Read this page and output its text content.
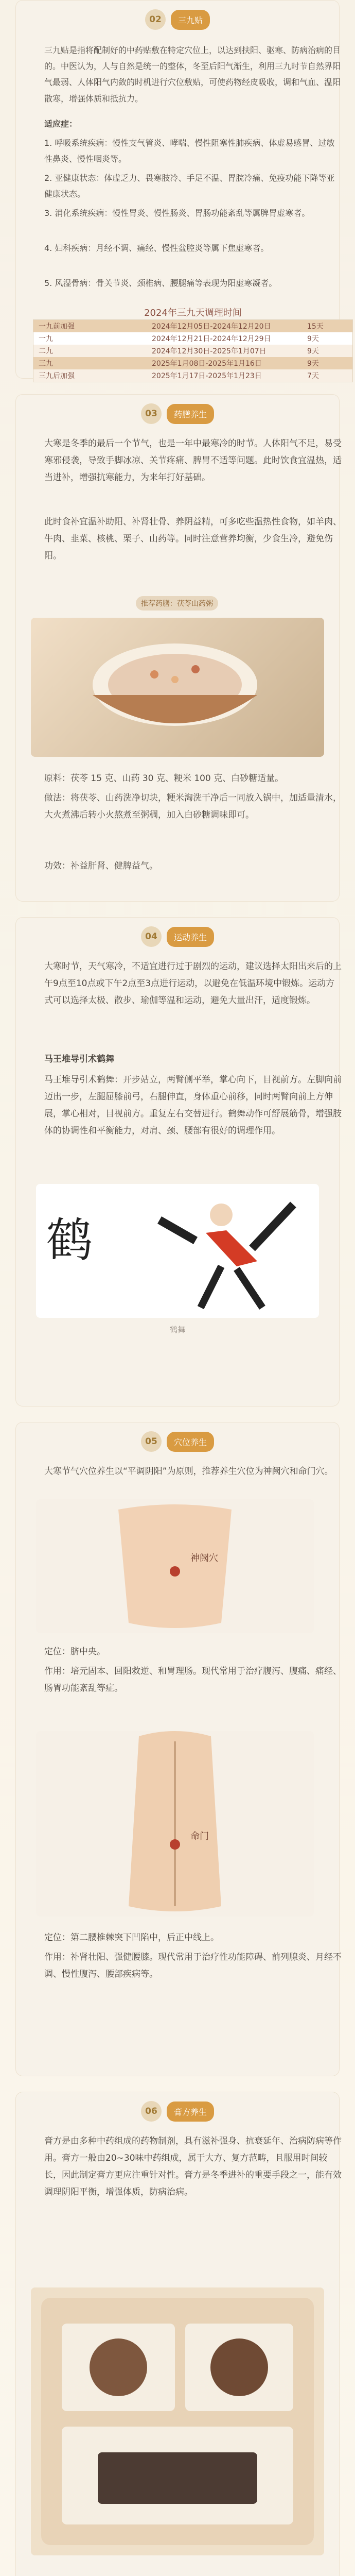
02	三九贴
三九贴是指将配制好的中药贴敷在特定穴位上，以达到扶阳、驱寒、防病治病的目的。中医认为，人与自然是统一的整体，冬至后阳气渐生，利用三九时节自然界阳气最弱、人体阳气内敛的时机进行穴位敷贴，可使药物经皮吸收，调和气血、温阳散寒，增强体质和抵抗力。
适应症：
1. 呼吸系统疾病：慢性支气管炎、哮喘、慢性阻塞性肺疾病、体虚易感冒、过敏性鼻炎、慢性咽炎等。
2. 亚健康状态：体虚乏力、畏寒肢冷、手足不温、胃脘冷痛、免疫功能下降等亚健康状态。
3. 消化系统疾病：慢性胃炎、慢性肠炎、胃肠功能紊乱等属脾胃虚寒者。
4. 妇科疾病：月经不调、痛经、慢性盆腔炎等属下焦虚寒者。
5. 风湿骨病：骨关节炎、颈椎病、腰腿痛等表现为阳虚寒凝者。
2024年三九天调理时间
一九前加强	2024年12月05日-2024年12月20日	15天
一九	2024年12月21日-2024年12月29日	9天
二九	2024年12月30日-2025年1月07日	9天
三九	2025年1月08日-2025年1月16日	9天
三九后加强	2025年1月17日-2025年1月23日	7天
03	药膳养生
大寒是冬季的最后一个节气，也是一年中最寒冷的时节。人体阳气不足，易受寒邪侵袭，导致手脚冰凉、关节疼痛、脾胃不适等问题。此时饮食宜温热，适当进补，增强抗寒能力，为来年打好基础。
此时食补宜温补助阳、补肾壮骨、养阴益精，可多吃些温热性食物，如羊肉、牛肉、韭菜、核桃、栗子、山药等。同时注意营养均衡，少食生冷，避免伤阳。
推荐药膳：茯苓山药粥
原料：茯苓 15 克、山药 30 克、粳米 100 克、白砂糖适量。
做法：将茯苓、山药洗净切块，粳米淘洗干净后一同放入锅中，加适量清水，大火煮沸后转小火熬煮至粥稠，加入白砂糖调味即可。
功效：补益肝肾、健脾益气。
04	运动养生
大寒时节，天气寒冷，不适宜进行过于剧烈的运动，建议选择太阳出来后的上午9点至10点或下午2点至3点进行运动，以避免在低温环境中锻炼。运动方式可以选择太极、散步、瑜伽等温和运动，避免大量出汗，适度锻炼。
马王堆导引术鹤舞
马王堆导引术鹤舞：开步站立，两臂侧平举，掌心向下，目视前方。左脚向前迈出一步，左腿屈膝前弓，右腿伸直，身体重心前移，同时两臂向前上方伸展，掌心相对，目视前方。重复左右交替进行。鹤舞动作可舒展筋骨，增强肢体的协调性和平衡能力，对肩、颈、腰部有很好的调理作用。
鹤
鹤舞
05	穴位养生
大寒节气穴位养生以“平调阴阳”为原则，推荐养生穴位为神阙穴和命门穴。
神阙穴
定位：脐中央。
作用：培元固本、回阳救逆、和胃理肠。现代常用于治疗腹泻、腹痛、痛经、肠胃功能紊乱等症。
命门
定位：第二腰椎棘突下凹陷中，后正中线上。
作用：补肾壮阳、强健腰膝。现代常用于治疗性功能障碍、前列腺炎、月经不调、慢性腹泻、腰部疾病等。
06	膏方养生
膏方是由多种中药组成的药物制剂，具有滋补强身、抗衰延年、治病防病等作用。膏方一般由20~30味中药组成，属于大方、复方范畴，且服用时间较长，因此制定膏方更应注重针对性。膏方是冬季进补的重要手段之一，能有效调理阴阳平衡，增强体质，防病治病。
